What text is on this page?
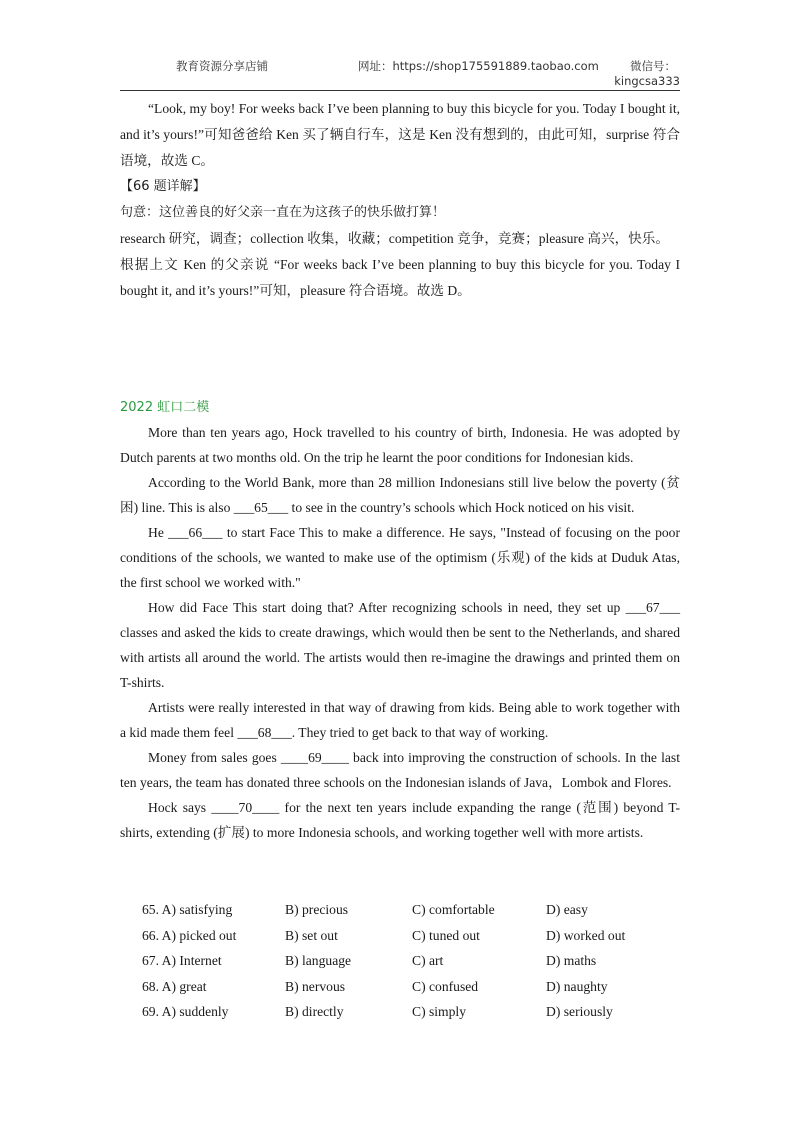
教育资源分享店铺	网址：https://shop175591889.taobao.com	微信号：
kingcsa333

“Look, my boy! For weeks back I’ve been planning to buy this bicycle for you. Today I bought it, and it’s yours!”可知爸爸给 Ken 买了辆自行车，这是 Ken 没有想到的，由此可知，surprise 符合语境，故选 C。

【66 题详解】

句意：这位善良的好父亲一直在为这孩子的快乐做打算！

research 研究，调查；collection 收集，收藏；competition 竞争，竞赛；pleasure 高兴，快乐。

根据上文 Ken 的父亲说 “For weeks back I’ve been planning to buy this bicycle for you. Today I bought it, and it’s yours!”可知，pleasure 符合语境。故选 D。

2022 虹口二模

More than ten years ago, Hock travelled to his country of birth, Indonesia. He was adopted by Dutch parents at two months old. On the trip he learnt the poor conditions for Indonesian kids.

According to the World Bank, more than 28 million Indonesians still live below the poverty (贫困) line. This is also ___65___ to see in the country’s schools which Hock noticed on his visit.

He ___66___ to start Face This to make a difference. He says, "Instead of focusing on the poor conditions of the schools, we wanted to make use of the optimism (乐观) of the kids at Duduk Atas, the first school we worked with."

How did Face This start doing that? After recognizing schools in need, they set up ___67___ classes and asked the kids to create drawings, which would then be sent to the Netherlands, and shared with artists all around the world. The artists would then re-imagine the drawings and printed them on T-shirts.

Artists were really interested in that way of drawing from kids. Being able to work together with a kid made them feel ___68___. They tried to get back to that way of working.

Money from sales goes ____69____ back into improving the construction of schools. In the last ten years, the team has donated three schools on the Indonesian islands of Java，Lombok and Flores.

Hock says ____70____ for the next ten years include expanding the range (范围) beyond T-shirts, extending (扩展) to more Indonesia schools, and working together well with more artists.

65. A) satisfying	B) precious	C) comfortable	D) easy
66. A) picked out	B) set out	C) tuned out	D) worked out
67. A) Internet	B) language	C) art	D) maths
68. A) great	B) nervous	C) confused	D) naughty
69. A) suddenly	B) directly	C) simply	D) seriously
